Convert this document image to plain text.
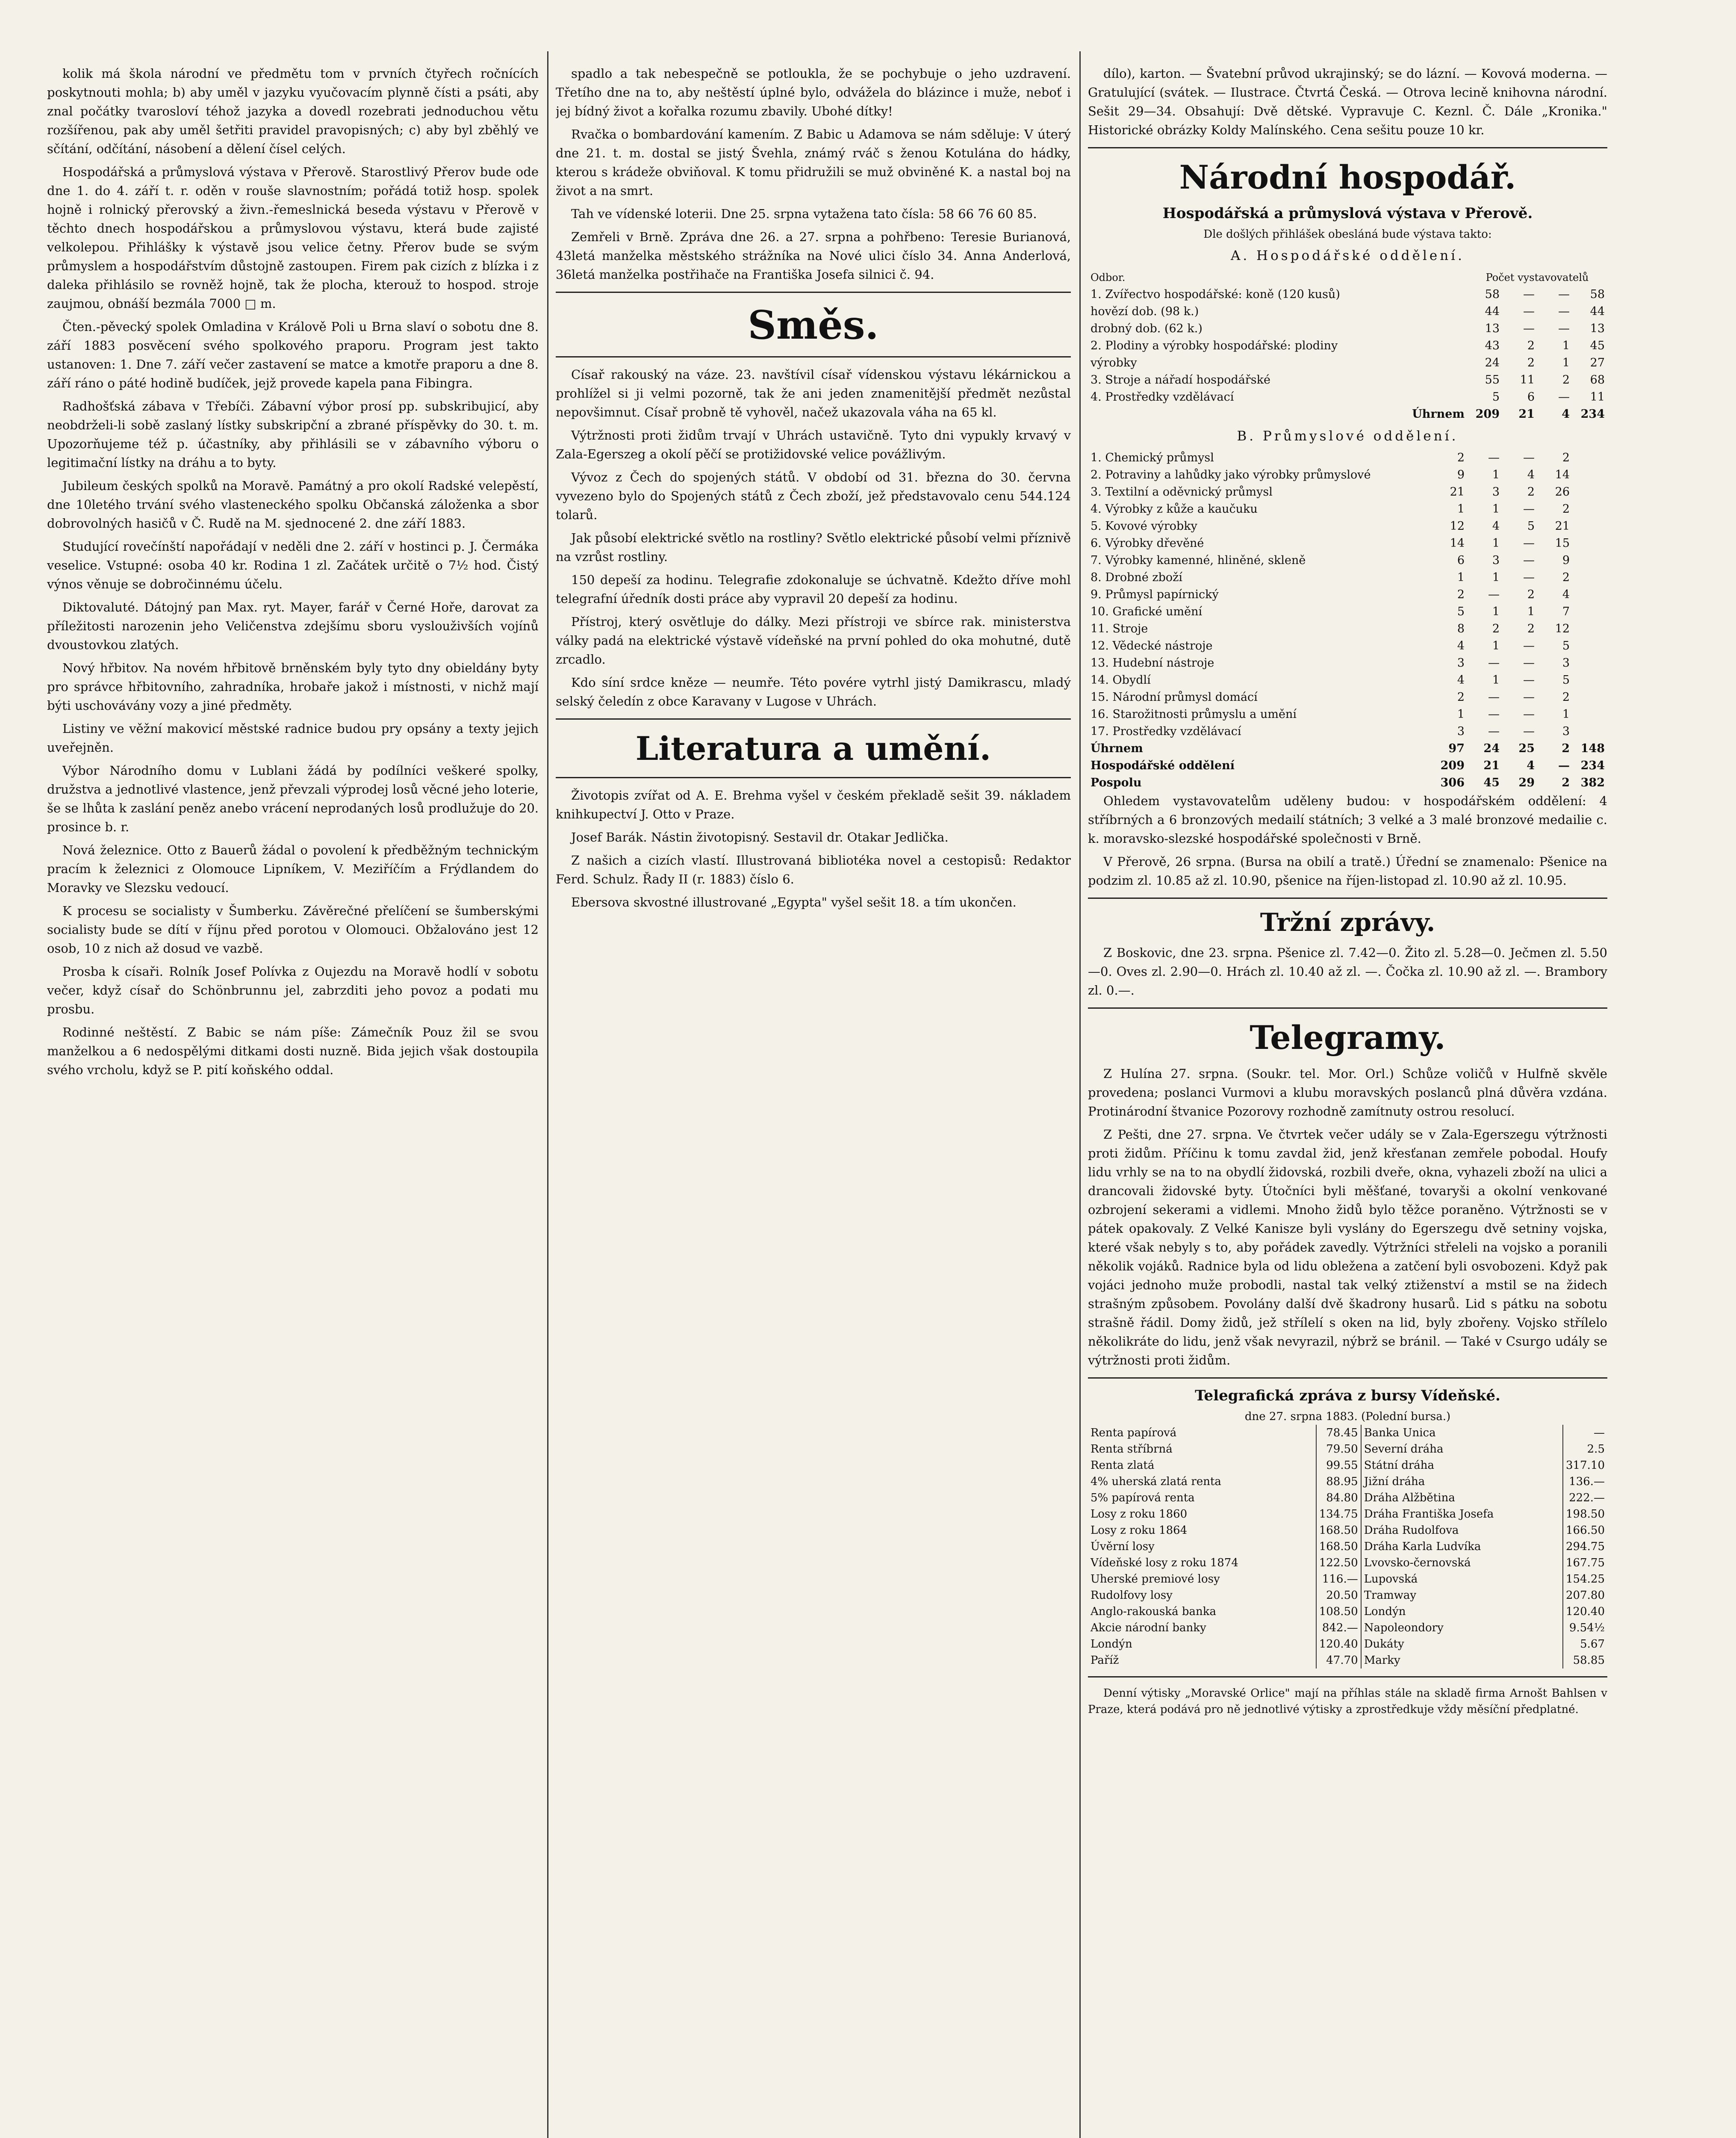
kolik má škola národní ve předmětu tom v prvních čtyřech ročnících poskytnouti mohla; b) aby uměl v jazyku vyučovacím plynně čísti a psáti, aby znal počátky tvarosloví téhož jazyka a dovedl rozebrati jednoduchou větu rozšířenou, pak aby uměl šetřiti pravidel pravopisných; c) aby byl zběhlý ve sčítání, odčítání, násobení a dělení čísel celých.

Hospodářská a průmyslová výstava v Přerově. Starostlivý Přerov bude ode dne 1. do 4. září t. r. oděn v rouše slavnostním; pořádá totiž hosp. spolek hojně i rolnický přerovský a živn.-řemeslnická beseda výstavu v Přerově v těchto dnech hospodářskou a průmyslovou výstavu, která bude zajisté velkolepou. Přihlášky k výstavě jsou velice četny. Přerov bude se svým průmyslem a hospodářstvím důstojně zastoupen. Firem pak cizích z blízka i z daleka přihlásilo se rovněž hojně, tak že plocha, kterouž to hospod. stroje zaujmou, obnáší bezmála 7000 □ m.

Čten.-pěvecký spolek Omladina v Králově Poli u Brna slaví o sobotu dne 8. září 1883 posvěcení svého spolkového praporu. Program jest takto ustanoven: 1. Dne 7. září večer zastavení se matce a kmotře praporu a dne 8. září ráno o páté hodině budíček, jejž provede kapela pana Fibingra.

Radhošťská zábava v Třebíči. Zábavní výbor prosí pp. subskribujicí, aby neobdrželi-li sobě zaslaný lístky subskripční a zbrané příspěvky do 30. t. m. Upozorňujeme též p. účastníky, aby přihlásili se v zábavního výboru o legitimační lístky na dráhu a to byty.

Jubileum českých spolků na Moravě. Památný a pro okolí Radské velepěstí, dne 10letého trvání svého vlasteneckého spolku Občanská záloženka a sbor dobrovolných hasičů v Č. Rudě na M. sjednocené 2. dne září 1883.

Studující rovečínští napořádají v neděli dne 2. září v hostinci p. J. Čermáka veselice. Vstupné: osoba 40 kr. Rodina 1 zl. Začátek určitě o 7½ hod. Čistý výnos věnuje se dobročinnému účelu.

Diktovaluté. Dátojný pan Max. ryt. Mayer, farář v Černé Hoře, darovat za příležitosti narozenin jeho Veličenstva zdejšímu sboru vyslouživších vojínů dvoustovkou zlatých.

Nový hřbitov. Na novém hřbitově brněnském byly tyto dny obieldány byty pro správce hřbitovního, zahradníka, hrobaře jakož i místnosti, v nichž mají býti uschovávány vozy a jiné předměty.

Listiny ve věžní makovicí městské radnice budou pry opsány a texty jejich uveřejněn.

Výbor Národního domu v Lublani žádá by podílníci veškeré spolky, družstva a jednotlivé vlastence, jenž převzali výprodej losů věcné jeho loterie, še se lhůta k zaslání peněz anebo vrácení neprodaných losů prodlužuje do 20. prosince b. r.

Nová železnice. Otto z Bauerů žádal o povolení k předběžným technickým pracím k železnici z Olomouce Lipníkem, V. Meziříčím a Frýdlandem do Moravky ve Slezsku vedoucí.

K procesu se socialisty v Šumberku. Závěrečné přelíčení se šumberskými socialisty bude se dítí v říjnu před porotou v Olomouci. Obžalováno jest 12 osob, 10 z nich až dosud ve vazbě.

Prosba k císaři. Rolník Josef Polívka z Oujezdu na Moravě hodlí v sobotu večer, když císař do Schönbrunnu jel, zabrzditi jeho povoz a podati mu prosbu.

Rodinné neštěstí. Z Babic se nám píše: Zámečník Pouz žil se svou manželkou a 6 nedospělými ditkami dosti nuzně. Bida jejich však dostoupila svého vrcholu, když se P. pití koňského oddal.

spadlo a tak nebespečně se potloukla, že se pochybuje o jeho uzdravení. Třetího dne na to, aby neštěstí úplné bylo, odvážela do blázince i muže, neboť i jej bídný život a kořalka rozumu zbavily. Ubohé dítky!

Rvačka o bombardování kamením. Z Babic u Adamova se nám sděluje: V úterý dne 21. t. m. dostal se jistý Švehla, známý rváč s ženou Kotulána do hádky, kterou s krádeže obviňoval. K tomu přidružili se muž obviněné K. a nastal boj na život a na smrt.

Tah ve vídenské loterii. Dne 25. srpna vytažena tato čísla: 58 66 76 60 85.

Zemřeli v Brně. Zpráva dne 26. a 27. srpna a pohřbeno: Teresie Burianová, 43letá manželka městského strážníka na Nové ulici číslo 34. Anna Anderlová, 36letá manželka postřihače na Františka Josefa silnici č. 94.

Směs.

Císař rakouský na váze. 23. navštívil císař vídenskou výstavu lékárnickou a prohlížel si ji velmi pozorně, tak že ani jeden znamenitější předmět nezůstal nepovšimnut. Císař probně tě vyhověl, načež ukazovala váha na 65 kl.

Výtržnosti proti židům trvají v Uhrách ustavičně. Tyto dni vypukly krvavý v Zala-Egerszeg a okolí pěčí se protižidovské velice povážlivým.

Vývoz z Čech do spojených států. V období od 31. března do 30. června vyvezeno bylo do Spojených států z Čech zboží, jež představovalo cenu 544.124 tolarů.

Jak působí elektrické světlo na rostliny? Světlo elektrické působí velmi příznivě na vzrůst rostliny.

150 depeší za hodinu. Telegrafie zdokonaluje se úchvatně. Kdežto dříve mohl telegrafní úředník dosti práce aby vypravil 20 depeší za hodinu.

Přístroj, který osvětluje do dálky. Mezi přístroji ve sbírce rak. ministerstva války padá na elektrické výstavě vídeňské na první pohled do oka mohutné, dutě zrcadlo.

Kdo síní srdce kněze — neumře. Této povére vytrhl jistý Damikrascu, mladý selský čeledín z obce Karavany v Lugose v Uhrách.

Literatura a umění.

Životopis zvířat od A. E. Brehma vyšel v českém překladě sešit 39. nákladem knihkupectví J. Otto v Praze.

Josef Barák. Nástin životopisný. Sestavil dr. Otakar Jedlička.

Z našich a cizích vlastí. Illustrovaná bibliotéka novel a cestopisů: Redaktor Ferd. Schulz. Řady II (r. 1883) číslo 6.

Ebersova skvostné illustrované „Egypta" vyšel sešit 18. a tím ukončen.

dílo), karton. — Švatební průvod ukrajinský; se do lázní. — Kovová moderna. — Gratulující (svátek. — Ilustrace. Čtvrtá Česká. — Otrova lecině knihovna národní. Sešit 29—34. Obsahují: Dvě dětské. Vypravuje C. Keznl. Č. Dále „Kronika." Historické obrázky Koldy Malínského. Cena sešitu pouze 10 kr.

Národní hospodář.
Hospodářská a průmyslová výstava v Přerově.
Dle došlých přihlášek obesláná bude výstava takto:
A. Hospodářské oddělení.
Odbor.	Počet vystavovatelů			
1. Zvířectvo hospodářské: koně (120 kusů)	58	—	—	58
hovězí dob. (98 k.)	44	—	—	44
drobný dob. (62 k.)	13	—	—	13
2. Plodiny a výrobky hospodářské: plodiny	43	2	1	45
výrobky	24	2	1	27
3. Stroje a nářadí hospodářské	55	11	2	68
4. Prostředky vzdělávací	5	6	—	11
Úhrnem	209	21	4	234
B. Průmyslové oddělení.
1. Chemický průmysl	2	—	—	2	
2. Potraviny a lahůdky jako výrobky průmyslové	9	1	4	14	
3. Textilní a oděvnický průmysl	21	3	2	26	
4. Výrobky z kůže a kaučuku	1	1	—	2	
5. Kovové výrobky	12	4	5	21	
6. Výrobky dřevěné	14	1	—	15	
7. Výrobky kamenné, hliněné, skleně	6	3	—	9	
8. Drobné zboží	1	1	—	2	
9. Průmysl papírnický	2	—	2	4	
10. Grafické umění	5	1	1	7	
11. Stroje	8	2	2	12	
12. Vědecké nástroje	4	1	—	5	
13. Hudební nástroje	3	—	—	3	
14. Obydlí	4	1	—	5	
15. Národní průmysl domácí	2	—	—	2	
16. Starožitnosti průmyslu a umění	1	—	—	1	
17. Prostředky vzdělávací	3	—	—	3	
Úhrnem	97	24	25	2	148
Hospodářské oddělení	209	21	4	—	234
Pospolu	306	45	29	2	382

Ohledem vystavovatelům uděleny budou: v hospodářském oddělení: 4 stříbrných a 6 bronzových medailí státních; 3 velké a 3 malé bronzové medailie c. k. moravsko-slezské hospodářské společnosti v Brně.

V Přerově, 26 srpna. (Bursa na obilí a tratě.) Úřední se znamenalo: Pšenice na podzim zl. 10.85 až zl. 10.90, pšenice na říjen-listopad zl. 10.90 až zl. 10.95.

Tržní zprávy.

Z Boskovic, dne 23. srpna. Pšenice zl. 7.42—0. Žito zl. 5.28—0. Ječmen zl. 5.50—0. Oves zl. 2.90—0. Hrách zl. 10.40 až zl. —. Čočka zl. 10.90 až zl. —. Brambory zl. 0.—.

Telegramy.

Z Hulína 27. srpna. (Soukr. tel. Mor. Orl.) Schůze voličů v Hulfně skvěle provedena; poslanci Vurmovi a klubu moravských poslanců plná důvěra vzdána. Protinárodní štvanice Pozorovy rozhodně zamítnuty ostrou resolucí.

Z Pešti, dne 27. srpna. Ve čtvrtek večer udály se v Zala-Egerszegu výtržnosti proti židům. Příčinu k tomu zavdal žid, jenž křesťanan zemřele pobodal. Houfy lidu vrhly se na to na obydlí židovská, rozbili dveře, okna, vyhazeli zboží na ulici a drancovali židovské byty. Útočníci byli měšťané, tovaryši a okolní venkované ozbrojení sekerami a vidlemi. Mnoho židů bylo těžce poraněno. Výtržnosti se v pátek opakovaly. Z Velké Kanisze byli vyslány do Egerszegu dvě setniny vojska, které však nebyly s to, aby pořádek zavedly. Výtržníci střeleli na vojsko a poranili několik vojáků. Radnice byla od lidu obležena a zatčení byli osvobozeni. Když pak vojáci jednoho muže probodli, nastal tak velký ztiženství a mstil se na židech strašným způsobem. Povolány další dvě škadrony husarů. Lid s pátku na sobotu strašně řádil. Domy židů, jež střílelí s oken na lid, byly zbořeny. Vojsko střílelo několikráte do lidu, jenž však nevyrazil, nýbrž se bránil. — Také v Csurgo udály se výtržnosti proti židům.

Telegrafická zpráva z bursy Vídeňské.
dne 27. srpna 1883. (Polední bursa.)
Renta papírová	78.45	Banka Unica	—
Renta stříbrná	79.50	Severní dráha	2.5
Renta zlatá	99.55	Státní dráha	317.10
4% uherská zlatá renta	88.95	Jižní dráha	136.—
5% papírová renta	84.80	Dráha Alžbětina	222.—
Losy z roku 1860	134.75	Dráha Františka Josefa	198.50
Losy z roku 1864	168.50	Dráha Rudolfova	166.50
Úvěrní losy	168.50	Dráha Karla Ludvíka	294.75
Vídeňské losy z roku 1874	122.50	Lvovsko-černovská	167.75
Uherské premiové losy	116.—	Lupovská	154.25
Rudolfovy losy	20.50	Tramway	207.80
Anglo-rakouská banka	108.50	Londýn	120.40
Akcie národní banky	842.—	Napoleondory	9.54½
Londýn	120.40	Dukáty	5.67
Paříž	47.70	Marky	58.85

Denní výtisky „Moravské Orlice" mají na příhlas stále na skladě firma Arnošt Bahlsen v Praze, která podává pro ně jednotlivé výtisky a zprostředkuje vždy měsíční předplatné.
